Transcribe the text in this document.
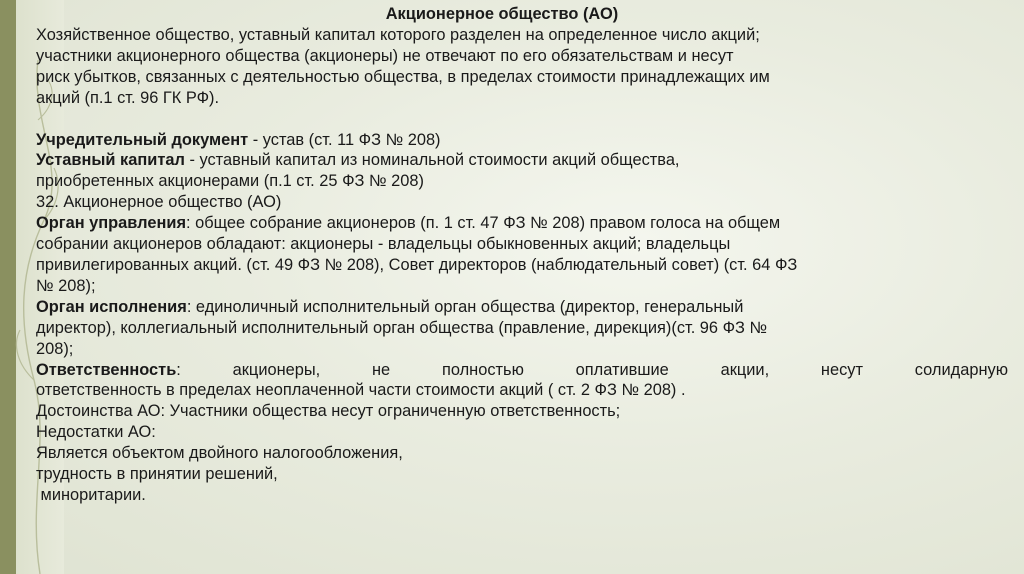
Акционерное общество (АО)

Хозяйственное общество, уставный капитал которого разделен на определенное число акций;

участники акционерного общества (акционеры) не отвечают по его обязательствам и несут

риск убытков, связанных с деятельностью общества, в пределах стоимости принадлежащих им

акций (п.1 ст. 96 ГК РФ).

Учредительный документ - устав (ст. 11 ФЗ № 208)

Уставный капитал - уставный капитал из номинальной стоимости акций общества,

приобретенных акционерами (п.1 ст. 25 ФЗ № 208)

32. Акционерное общество (АО)

Орган управления: общее собрание акционеров (п. 1 ст. 47 ФЗ № 208) правом голоса на общем

собрании акционеров обладают: акционеры - владельцы обыкновенных акций; владельцы

привилегированных акций. (ст. 49 ФЗ № 208), Совет директоров (наблюдательный совет) (ст. 64 ФЗ

№ 208);

Орган исполнения: единоличный исполнительный орган общества (директор, генеральный

директор), коллегиальный исполнительный орган общества (правление, дирекция)(ст. 96 ФЗ №

208);

Ответственность: акционеры, не полностью оплатившие акции, несут солидарную

ответственность в пределах неоплаченной части стоимости акций ( ст. 2 ФЗ № 208) .

Достоинства АО: Участники общества несут ограниченную ответственность;

Недостатки АО:

Является объектом двойного налогообложения,

трудность в принятии решений,

миноритарии.
